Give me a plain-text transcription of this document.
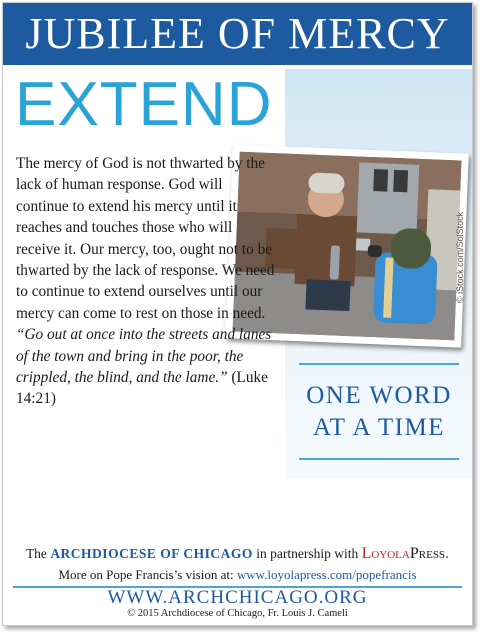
JUBILEE OF MERCY
EXTEND
© iStock.com/SolStock

The mercy of God is not thwarted by the lack of human response. God will continue to extend his mercy until it reaches and touches those who will receive it. Our mercy, too, ought not to be thwarted by the lack of response. We need to continue to extend ourselves until our mercy can come to rest on those in need. “Go out at once into the streets and lanes of the town and bring in the poor, the crippled, the blind, and the lame.” (Luke 14:21)	ONE WORD
AT A TIME
The ARCHDIOCESE OF CHICAGO in partnership with LoyolaPress.
More on Pope Francis’s vision at: www.loyolapress.com/popefrancis
WWW.ARCHCHICAGO.ORG
© 2015 Archdiocese of Chicago, Fr. Louis J. Cameli
